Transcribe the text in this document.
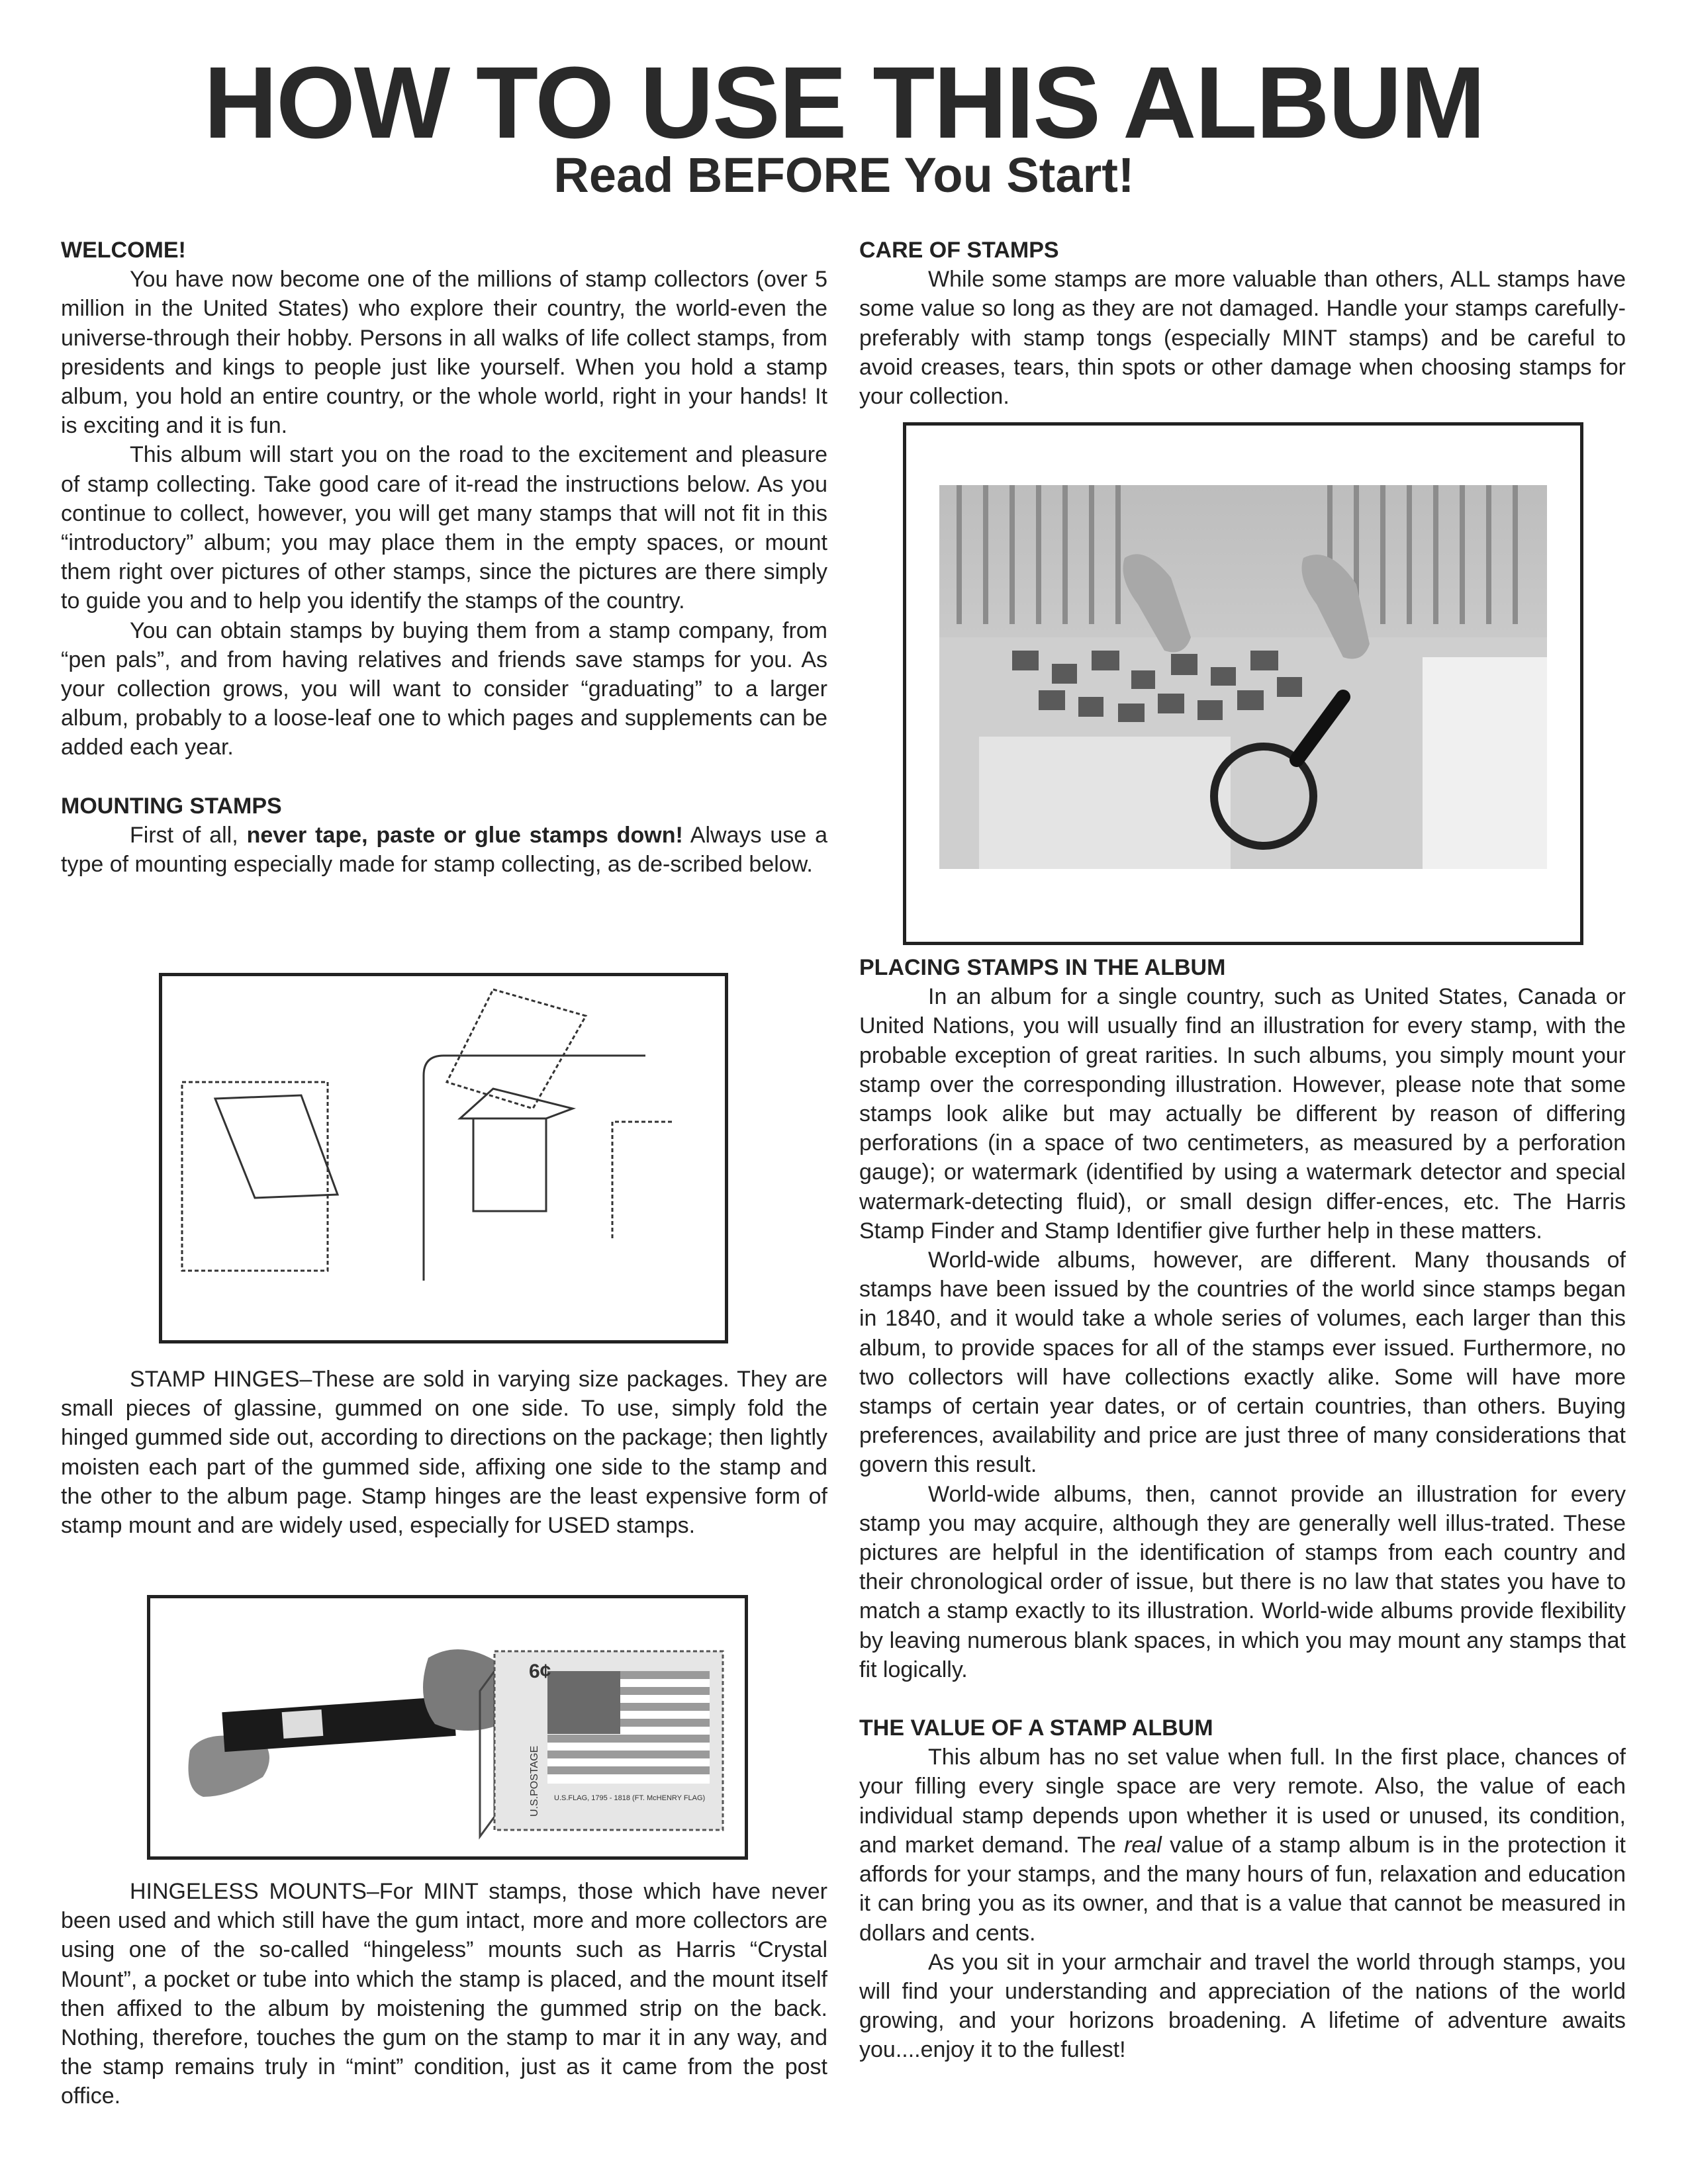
HOW TO USE THIS ALBUM
Read BEFORE You Start!

WELCOME!

You have now become one of the millions of stamp collectors (over 5 million in the United States) who explore their country, the world-even the universe-through their hobby. Persons in all walks of life collect stamps, from presidents and kings to people just like yourself. When you hold a stamp album, you hold an entire country, or the whole world, right in your hands! It is exciting and it is fun.

This album will start you on the road to the excitement and pleasure of stamp collecting. Take good care of it-read the instructions below. As you continue to collect, however, you will get many stamps that will not fit in this “introductory” album; you may place them in the empty spaces, or mount them right over pictures of other stamps, since the pictures are there simply to guide you and to help you identify the stamps of the country.

You can obtain stamps by buying them from a stamp company, from “pen pals”, and from having relatives and friends save stamps for you. As your collection grows, you will want to consider “graduating” to a larger album, probably to a loose-leaf one to which pages and supplements can be added each year.

MOUNTING STAMPS

First of all, never tape, paste or glue stamps down! Always use a type of mounting especially made for stamp collecting, as de-scribed below.

STAMP HINGES–These are sold in varying size packages. They are small pieces of glassine, gummed on one side. To use, simply fold the hinged gummed side out, according to directions on the package; then lightly moisten each part of the gummed side, affixing one side to the stamp and the other to the album page. Stamp hinges are the least expensive form of stamp mount and are widely used, especially for USED stamps.

6¢
U.S.POSTAGE U.S.FLAG, 1795 - 1818 (FT. McHENRY FLAG)

HINGELESS MOUNTS–For MINT stamps, those which have never been used and which still have the gum intact, more and more collectors are using one of the so-called “hingeless” mounts such as Harris “Crystal Mount”, a pocket or tube into which the stamp is placed, and the mount itself then affixed to the album by moistening the gummed strip on the back. Nothing, therefore, touches the gum on the stamp to mar it in any way, and the stamp remains truly in “mint” condition, just as it came from the post office.

CARE OF STAMPS

While some stamps are more valuable than others, ALL stamps have some value so long as they are not damaged. Handle your stamps carefully-preferably with stamp tongs (especially MINT stamps) and be careful to avoid creases, tears, thin spots or other damage when choosing stamps for your collection.

PLACING STAMPS IN THE ALBUM

In an album for a single country, such as United States, Canada or United Nations, you will usually find an illustration for every stamp, with the probable exception of great rarities. In such albums, you simply mount your stamp over the corresponding illustration. However, please note that some stamps look alike but may actually be different by reason of differing perforations (in a space of two centimeters, as measured by a perforation gauge); or watermark (identified by using a watermark detector and special watermark-detecting fluid), or small design differ-ences, etc. The Harris Stamp Finder and Stamp Identifier give further help in these matters.

World-wide albums, however, are different. Many thousands of stamps have been issued by the countries of the world since stamps began in 1840, and it would take a whole series of volumes, each larger than this album, to provide spaces for all of the stamps ever issued. Furthermore, no two collectors will have collections exactly alike. Some will have more stamps of certain year dates, or of certain countries, than others. Buying preferences, availability and price are just three of many considerations that govern this result.

World-wide albums, then, cannot provide an illustration for every stamp you may acquire, although they are generally well illus-trated. These pictures are helpful in the identification of stamps from each country and their chronological order of issue, but there is no law that states you have to match a stamp exactly to its illustration. World-wide albums provide flexibility by leaving numerous blank spaces, in which you may mount any stamps that fit logically.

THE VALUE OF A STAMP ALBUM

This album has no set value when full. In the first place, chances of your filling every single space are very remote. Also, the value of each individual stamp depends upon whether it is used or unused, its condition, and market demand. The real value of a stamp album is in the protection it affords for your stamps, and the many hours of fun, relaxation and education it can bring you as its owner, and that is a value that cannot be measured in dollars and cents.

As you sit in your armchair and travel the world through stamps, you will find your understanding and appreciation of the nations of the world growing, and your horizons broadening. A lifetime of adventure awaits you....enjoy it to the fullest!
